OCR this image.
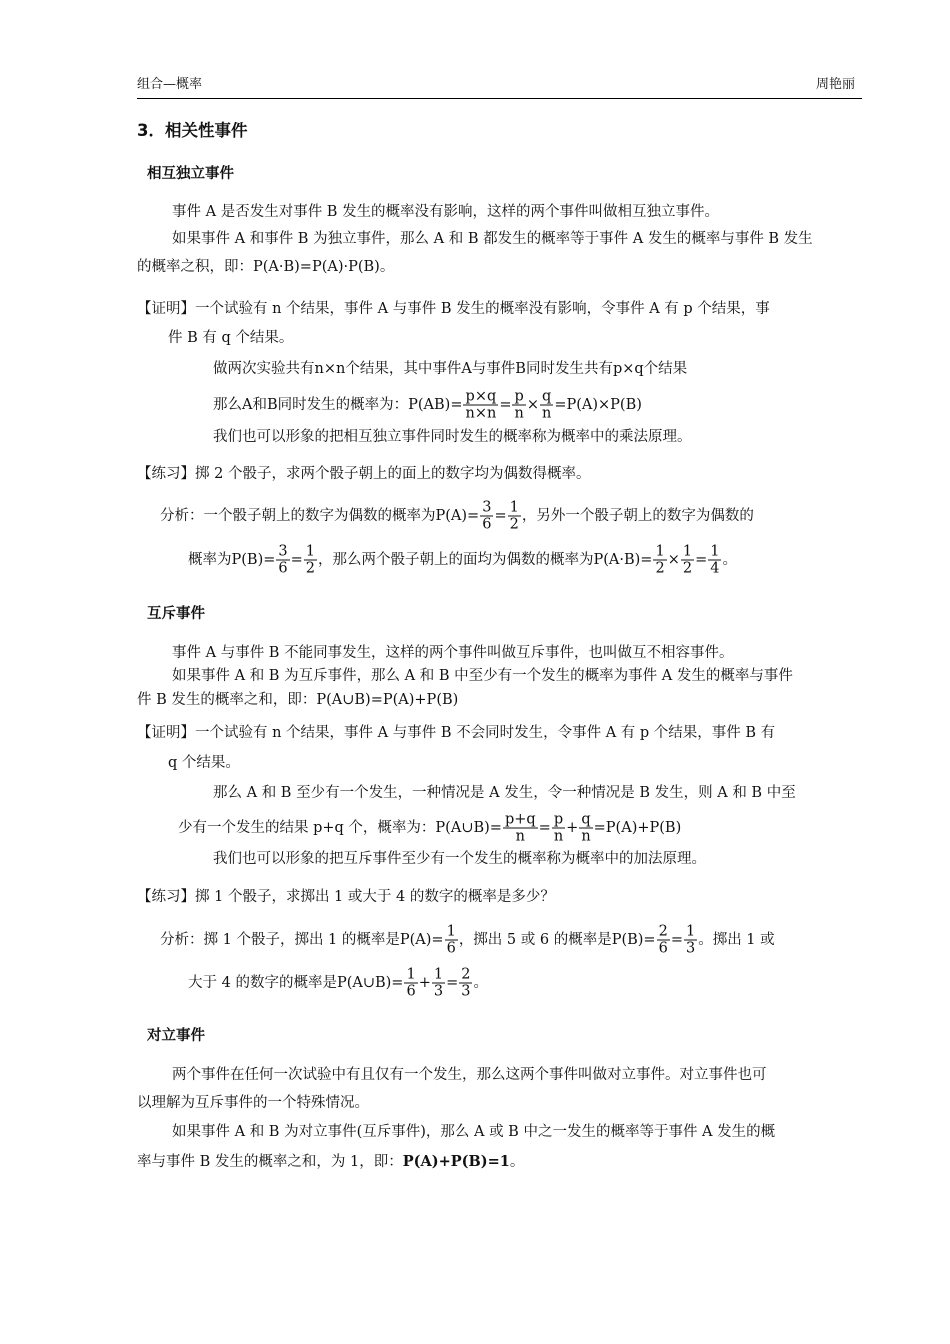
组合—概率	周艳丽
3．相关性事件
相互独立事件
事件 A 是否发生对事件 B 发生的概率没有影响，这样的两个事件叫做相互独立事件。
如果事件 A 和事件 B 为独立事件，那么 A 和 B 都发生的概率等于事件 A 发生的概率与事件 B 发生
的概率之积，即：P(A·B)=P(A)·P(B)。
【证明】一个试验有 n 个结果，事件 A 与事件 B 发生的概率没有影响，令事件 A 有 p 个结果，事
件 B 有 q 个结果。
做两次实验共有n×n个结果，其中事件A与事件B同时发生共有p×q个结果
那么A和B同时发生的概率为：$P(AB)= \frac{p\times q}{n\times n} = \frac{p}{n} \times \frac{q}{n} =P(A)\times P(B)$
我们也可以形象的把相互独立事件同时发生的概率称为概率中的乘法原理。
【练习】掷 2 个骰子，求两个骰子朝上的面上的数字均为偶数得概率。
分析：一个骰子朝上的数字为偶数的概率为$P(A)= \frac{3}{6} = \frac{1}{2}$ ，另外一个骰子朝上的数字为偶数的
概率为$P(B)= \frac{3}{6} = \frac{1}{2}$ ，那么两个骰子朝上的面均为偶数的概率为$P(A\cdot B)= \frac{1}{2} \times \frac{1}{2} = \frac{1}{4}$ 。
互斥事件
事件 A 与事件 B 不能同事发生，这样的两个事件叫做互斥事件，也叫做互不相容事件。
如果事件 A 和 B 为互斥事件，那么 A 和 B 中至少有一个发生的概率为事件 A 发生的概率与事件
件 B 发生的概率之和，即：P(A∪B)=P(A)+P(B)
【证明】一个试验有 n 个结果，事件 A 与事件 B 不会同时发生，令事件 A 有 p 个结果，事件 B 有
q 个结果。
那么 A 和 B 至少有一个发生，一种情况是 A 发生，令一种情况是 B 发生，则 A 和 B 中至
少有一个发生的结果 p+q 个，概率为：P(A∪B)= $\frac{p+q}{n} = \frac{p}{n} + \frac{q}{n} =P(A)+P(B)$
我们也可以形象的把互斥事件至少有一个发生的概率称为概率中的加法原理。
【练习】掷 1 个骰子，求掷出 1 或大于 4 的数字的概率是多少？
分析：掷 1 个骰子，掷出 1 的概率是$P(A)= \frac{1}{6}$ ，掷出 5 或 6 的概率是$P(B)= \frac{2}{6} = \frac{1}{3}$ 。掷出 1 或
大于 4 的数字的概率是P(A∪B)= $\frac{1}{6} + \frac{1}{3} = \frac{2}{3}$ 。
对立事件
两个事件在任何一次试验中有且仅有一个发生，那么这两个事件叫做对立事件。对立事件也可
以理解为互斥事件的一个特殊情况。
如果事件 A 和 B 为对立事件(互斥事件)，那么 A 或 B 中之一发生的概率等于事件 A 发生的概
率与事件 B 发生的概率之和，为 1，即：P(A)+P(B)=1。
